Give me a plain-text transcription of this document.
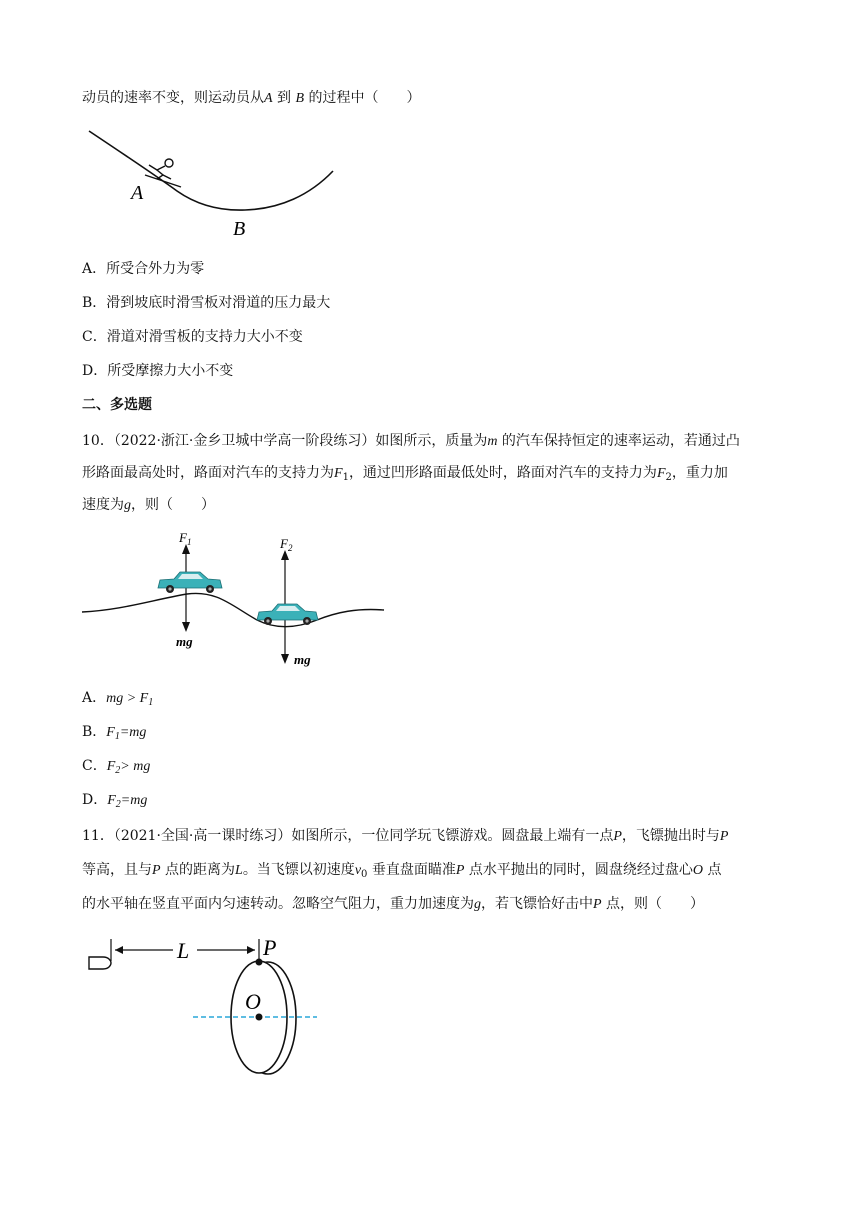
动员的速率不变，则运动员从A 到 B 的过程中（　　）
A
B
A．所受合外力为零
B．滑到坡底时滑雪板对滑道的压力最大
C．滑道对滑雪板的支持力大小不变
D．所受摩擦力大小不变
二、多选题
10．（2022·浙江·金乡卫城中学高一阶段练习）如图所示，质量为m 的汽车保持恒定的速率运动，若通过凸
形路面最高处时，路面对汽车的支持力为$F_1$，通过凹形路面最低处时，路面对汽车的支持力为$F_2$，重力加
速度为g，则（　　）
$F_1$
mg
$F_2$
mg
A．mg > $F_1$
B．$F_1=mg$
C．$F_2>$ mg
D．$F_2=mg$
11．（2021·全国·高一课时练习）如图所示，一位同学玩飞镖游戏。圆盘最上端有一点P，飞镖抛出时与P
等高，且与P 点的距离为L。当飞镖以初速度$v_0$ 垂直盘面瞄准P 点水平抛出的同时，圆盘绕经过盘心O 点
的水平轴在竖直平面内匀速转动。忽略空气阻力，重力加速度为g，若飞镖恰好击中P 点，则（　　）
L	P
O
